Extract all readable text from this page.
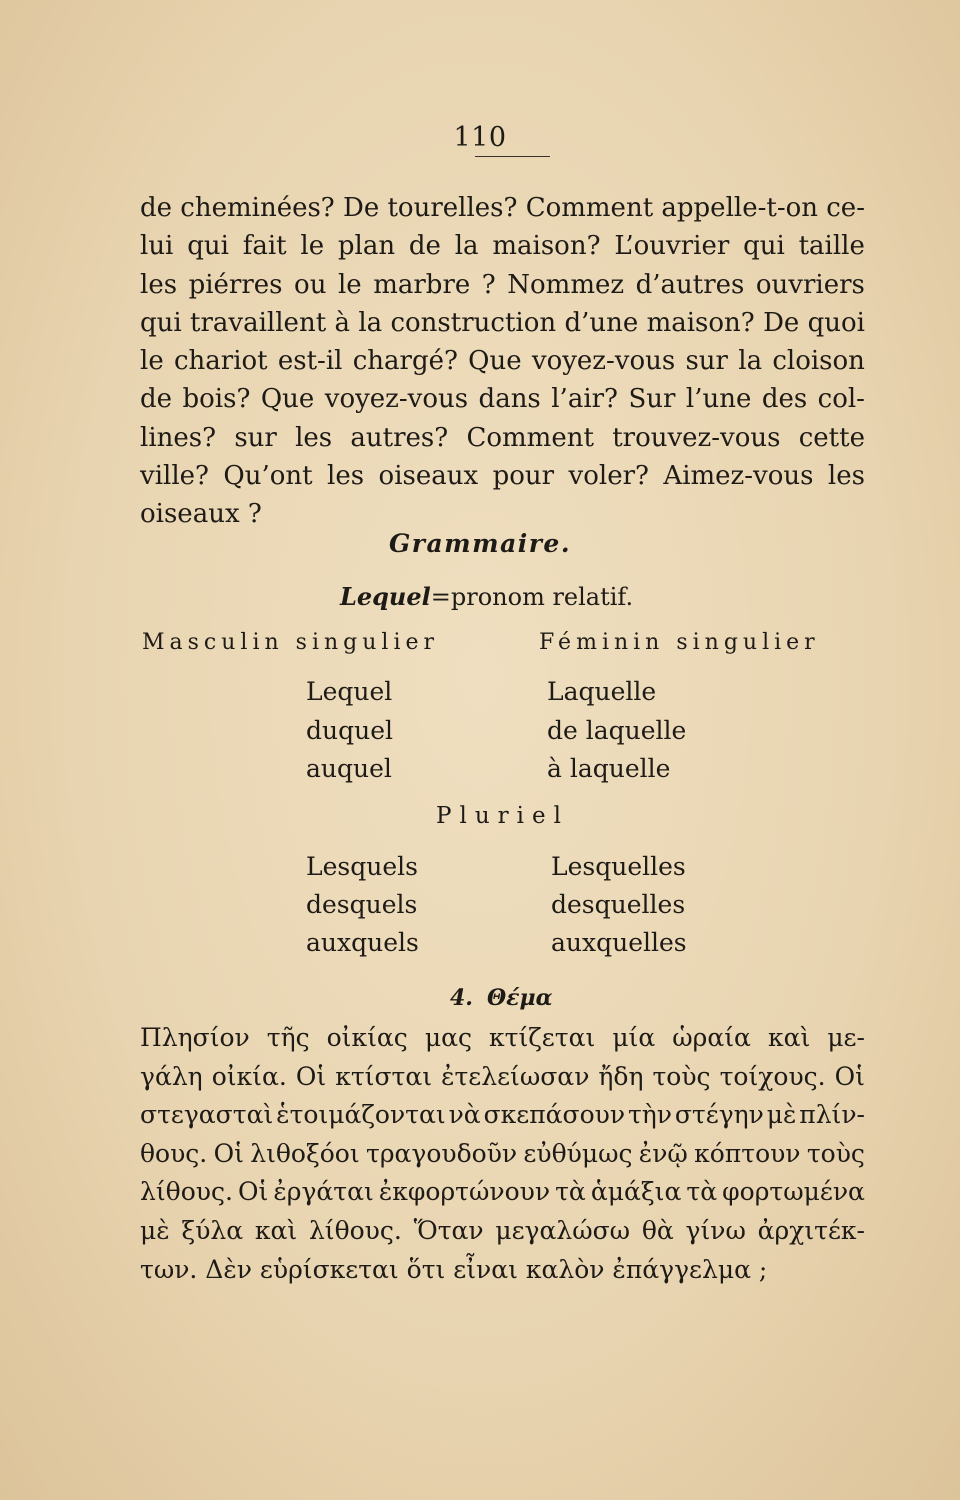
110
de cheminées? De tourelles? Comment appelle-t-on ce-
lui qui fait le plan de la maison? L’ouvrier qui taille
les piérres ou le marbre ? Nommez d’autres ouvriers
qui travaillent à la construction d’une maison? De quoi
le chariot est-il chargé? Que voyez-vous sur la cloison
de bois? Que voyez-vous dans l’air? Sur l’une des col-
lines? sur les autres? Comment trouvez-vous cette
ville? Qu’ont les oiseaux pour voler? Aimez-vous les
oiseaux ?
Grammaire.
Lequel=pronom relatif.
Masculin singulier	Féminin singulier
Lequel
duquel
auquel
Laquelle
de laquelle
à laquelle
Pluriel
Lesquels
desquels
auxquels
Lesquelles
desquelles
auxquelles
4. Θέμα
Πλησίον τῆς οἰκίας μας κτίζεται μία ὡραία καὶ με-
γάλη οἰκία. Οἱ κτίσται ἐτελείωσαν ἤδη τοὺς τοίχους. Οἱ
στεγασταὶ ἑτοιμάζονται νὰ σκεπάσουν τὴν στέγην μὲ πλίν-
θους. Οἱ λιθοξόοι τραγουδοῦν εὐθύμως ἐνῷ κόπτουν τοὺς
λίθους. Οἱ ἐργάται ἐκφορτώνουν τὰ ἁμάξια τὰ φορτωμένα
μὲ ξύλα καὶ λίθους. Ὅταν μεγαλώσω θὰ γίνω ἀρχιτέκ-
των. Δὲν εὑρίσκεται ὅτι εἶναι καλὸν ἐπάγγελμα ;
